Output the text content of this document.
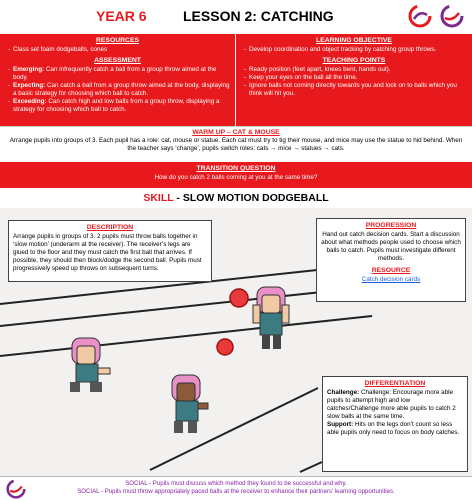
YEAR 6	LESSON 2: CATCHING
RESOURCES
- Class set foam dodgeballs, cones
ASSESSMENT
- Emerging: Can infrequently catch a ball from a group throw aimed at the body.
- Expecting: Can catch a ball from a group throw aimed at the body, displaying a basic strategy for choosing which ball to catch.
- Exceeding: Can catch high and low balls from a group throw, displaying a strategy for choosing which ball to catch.
LEARNING OBJECTIVE
- Develop coordination and object tracking by catching group throws.
TEACHING POINTS
- Ready position (feet apart, knees bent, hands out).
- Keep your eyes on the ball all the time.
- Ignore balls not coming directly towards you and lock on to balls which you think will hit you.
WARM UP – CAT & MOUSE

Arrange pupils into groups of 3. Each pupil has a role: cat, mouse or statue. Each cat must try to tig their mouse, and mice may use the statue to hid behind. When the teacher says ‘change’, pupils switch roles: cats → mice → statues → cats.

TRANSITION QUESTION

How do you catch 2 balls coming at you at the same time?

SKILL - SLOW MOTION DODGEBALL
DESCRIPTION

Arrange pupils in groups of 3. 2 pupils must throw balls together in ‘slow motion’ (underarm at the receiver). The receiver’s legs are glued to the floor and they must catch the first ball that arrives. If possible, they should then block/dodge the second ball. Pupils must progressively speed up throws on subsequent turns.

PROGRESSION

Hand out catch decision cards. Start a discussion about what methods people used to choose which balls to catch. Pupils must investigate different methods.

RESOURCE
Catch decision cards
DIFFERENTIATION

Challenge: Challenge: Encourage more able pupils to attempt high and low catches/Challenge more able pupils to catch 2 slow balls at the same time.

Support: Hits on the legs don’t count so less able pupils only need to focus on body catches.

SOCIAL - Pupils must discuss which method they found to be successful and why.

SOCIAL - Pupils must throw appropriately paced balls at the receiver to enhance their partners’ learning opportunities.
